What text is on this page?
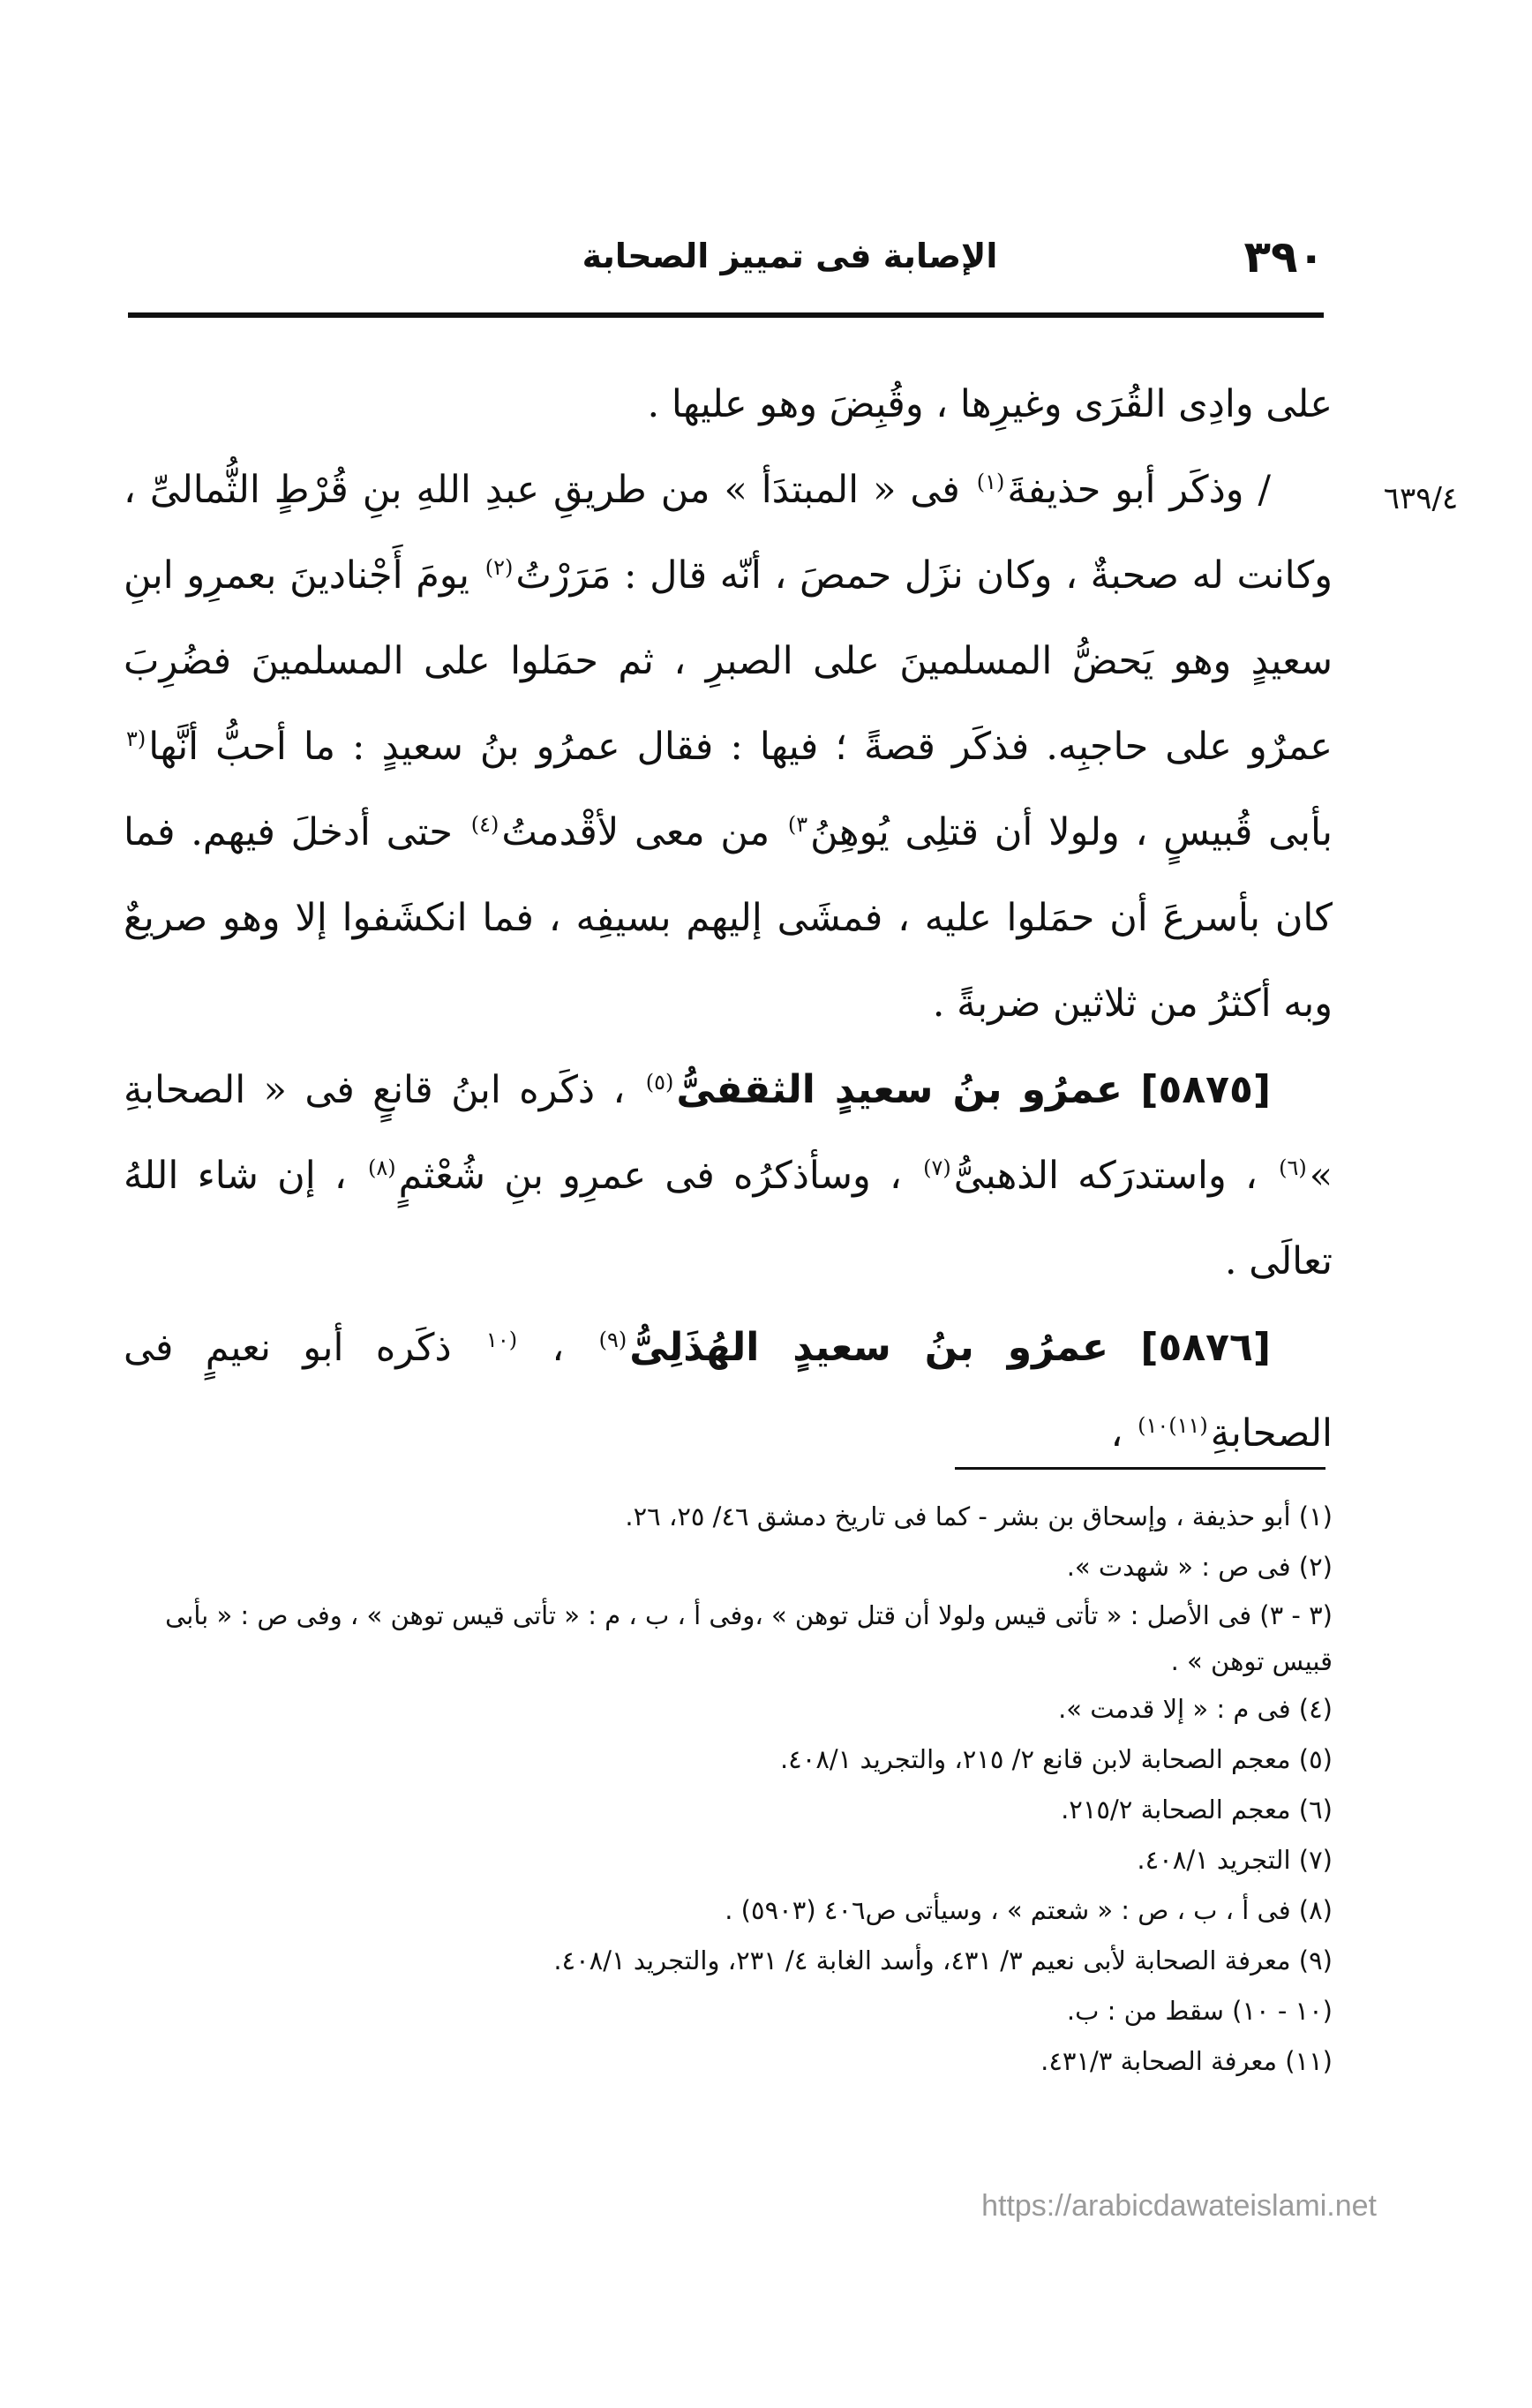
٣٩٠
الإصابة فى تمييز الصحابة
٦٣٩/٤

على وادِى القُرَى وغيرِها ، وقُبِضَ وهو عليها .

/ وذكَر أبو حذيفةَ$^{(١)}$ فى « المبتدَأ » من طريقِ عبدِ اللهِ بنِ قُرْطٍ الثُّمالىِّ ، وكانت له صحبةٌ ، وكان نزَل حمصَ ، أنّه قال : مَرَرْتُ$^{(٢)}$ يومَ أَجْنادينَ بعمرِو ابنِ سعيدٍ وهو يَحضُّ المسلمينَ على الصبرِ ، ثم حمَلوا على المسلمينَ فضُرِبَ عمرٌو على حاجبِه. فذكَر قصةً ؛ فيها : فقال عمرُو بنُ سعيدٍ : ما أحبُّ أنَّها$^{(٣}$ بأبى قُبيسٍ ، ولولا أن قتلِى يُوهِنُ$^{٣)}$ من معى لأقْدمتُ$^{(٤)}$ حتى أدخلَ فيهم. فما كان بأسرعَ أن حمَلوا عليه ، فمشَى إليهم بسيفِه ، فما انكشَفوا إلا وهو صريعٌ وبه أكثرُ من ثلاثين ضربةً .

[٥٨٧٥] عمرُو بنُ سعيدٍ الثقفىُّ$^{(٥)}$ ، ذكَره ابنُ قانعٍ فى « الصحابةِ »$^{(٦)}$ ، واستدرَكه الذهبىُّ$^{(٧)}$ ، وسأذكرُه فى عمرِو بنِ شُعْثمٍ$^{(٨)}$ ، إن شاء اللهُ تعالَى .

[٥٨٧٦] عمرُو بنُ سعيدٍ الهُذَلِىُّ$^{(٩)}$ ، $^{(١٠}$ ذكَره أبو نعيمٍ فى الصحابةِ$^{(١١)١٠)}$ ،

(١) أبو حذيفة ، وإسحاق بن بشر - كما فى تاريخ دمشق ٤٦/ ٢٥، ٢٦.

(٢) فى ص : « شهدت ».

(٣ - ٣) فى الأصل : « تأتى قيس ولولا أن قتل توهن » ،وفى أ ، ب ، م : « تأتى قيس توهن » ، وفى ص : « بأبى قبيس توهن » .

(٤) فى م : « إلا قدمت ».

(٥) معجم الصحابة لابن قانع ٢/ ٢١٥، والتجريد ٤٠٨/١.

(٦) معجم الصحابة ٢١٥/٢.

(٧) التجريد ٤٠٨/١.

(٨) فى أ ، ب ، ص : « شعتم » ، وسيأتى ص٤٠٦ (٥٩٠٣) .

(٩) معرفة الصحابة لأبى نعيم ٣/ ٤٣١، وأسد الغابة ٤/ ٢٣١، والتجريد ٤٠٨/١.

(١٠ - ١٠) سقط من : ب.

(١١) معرفة الصحابة ٤٣١/٣.

https://arabicdawateislami.net
